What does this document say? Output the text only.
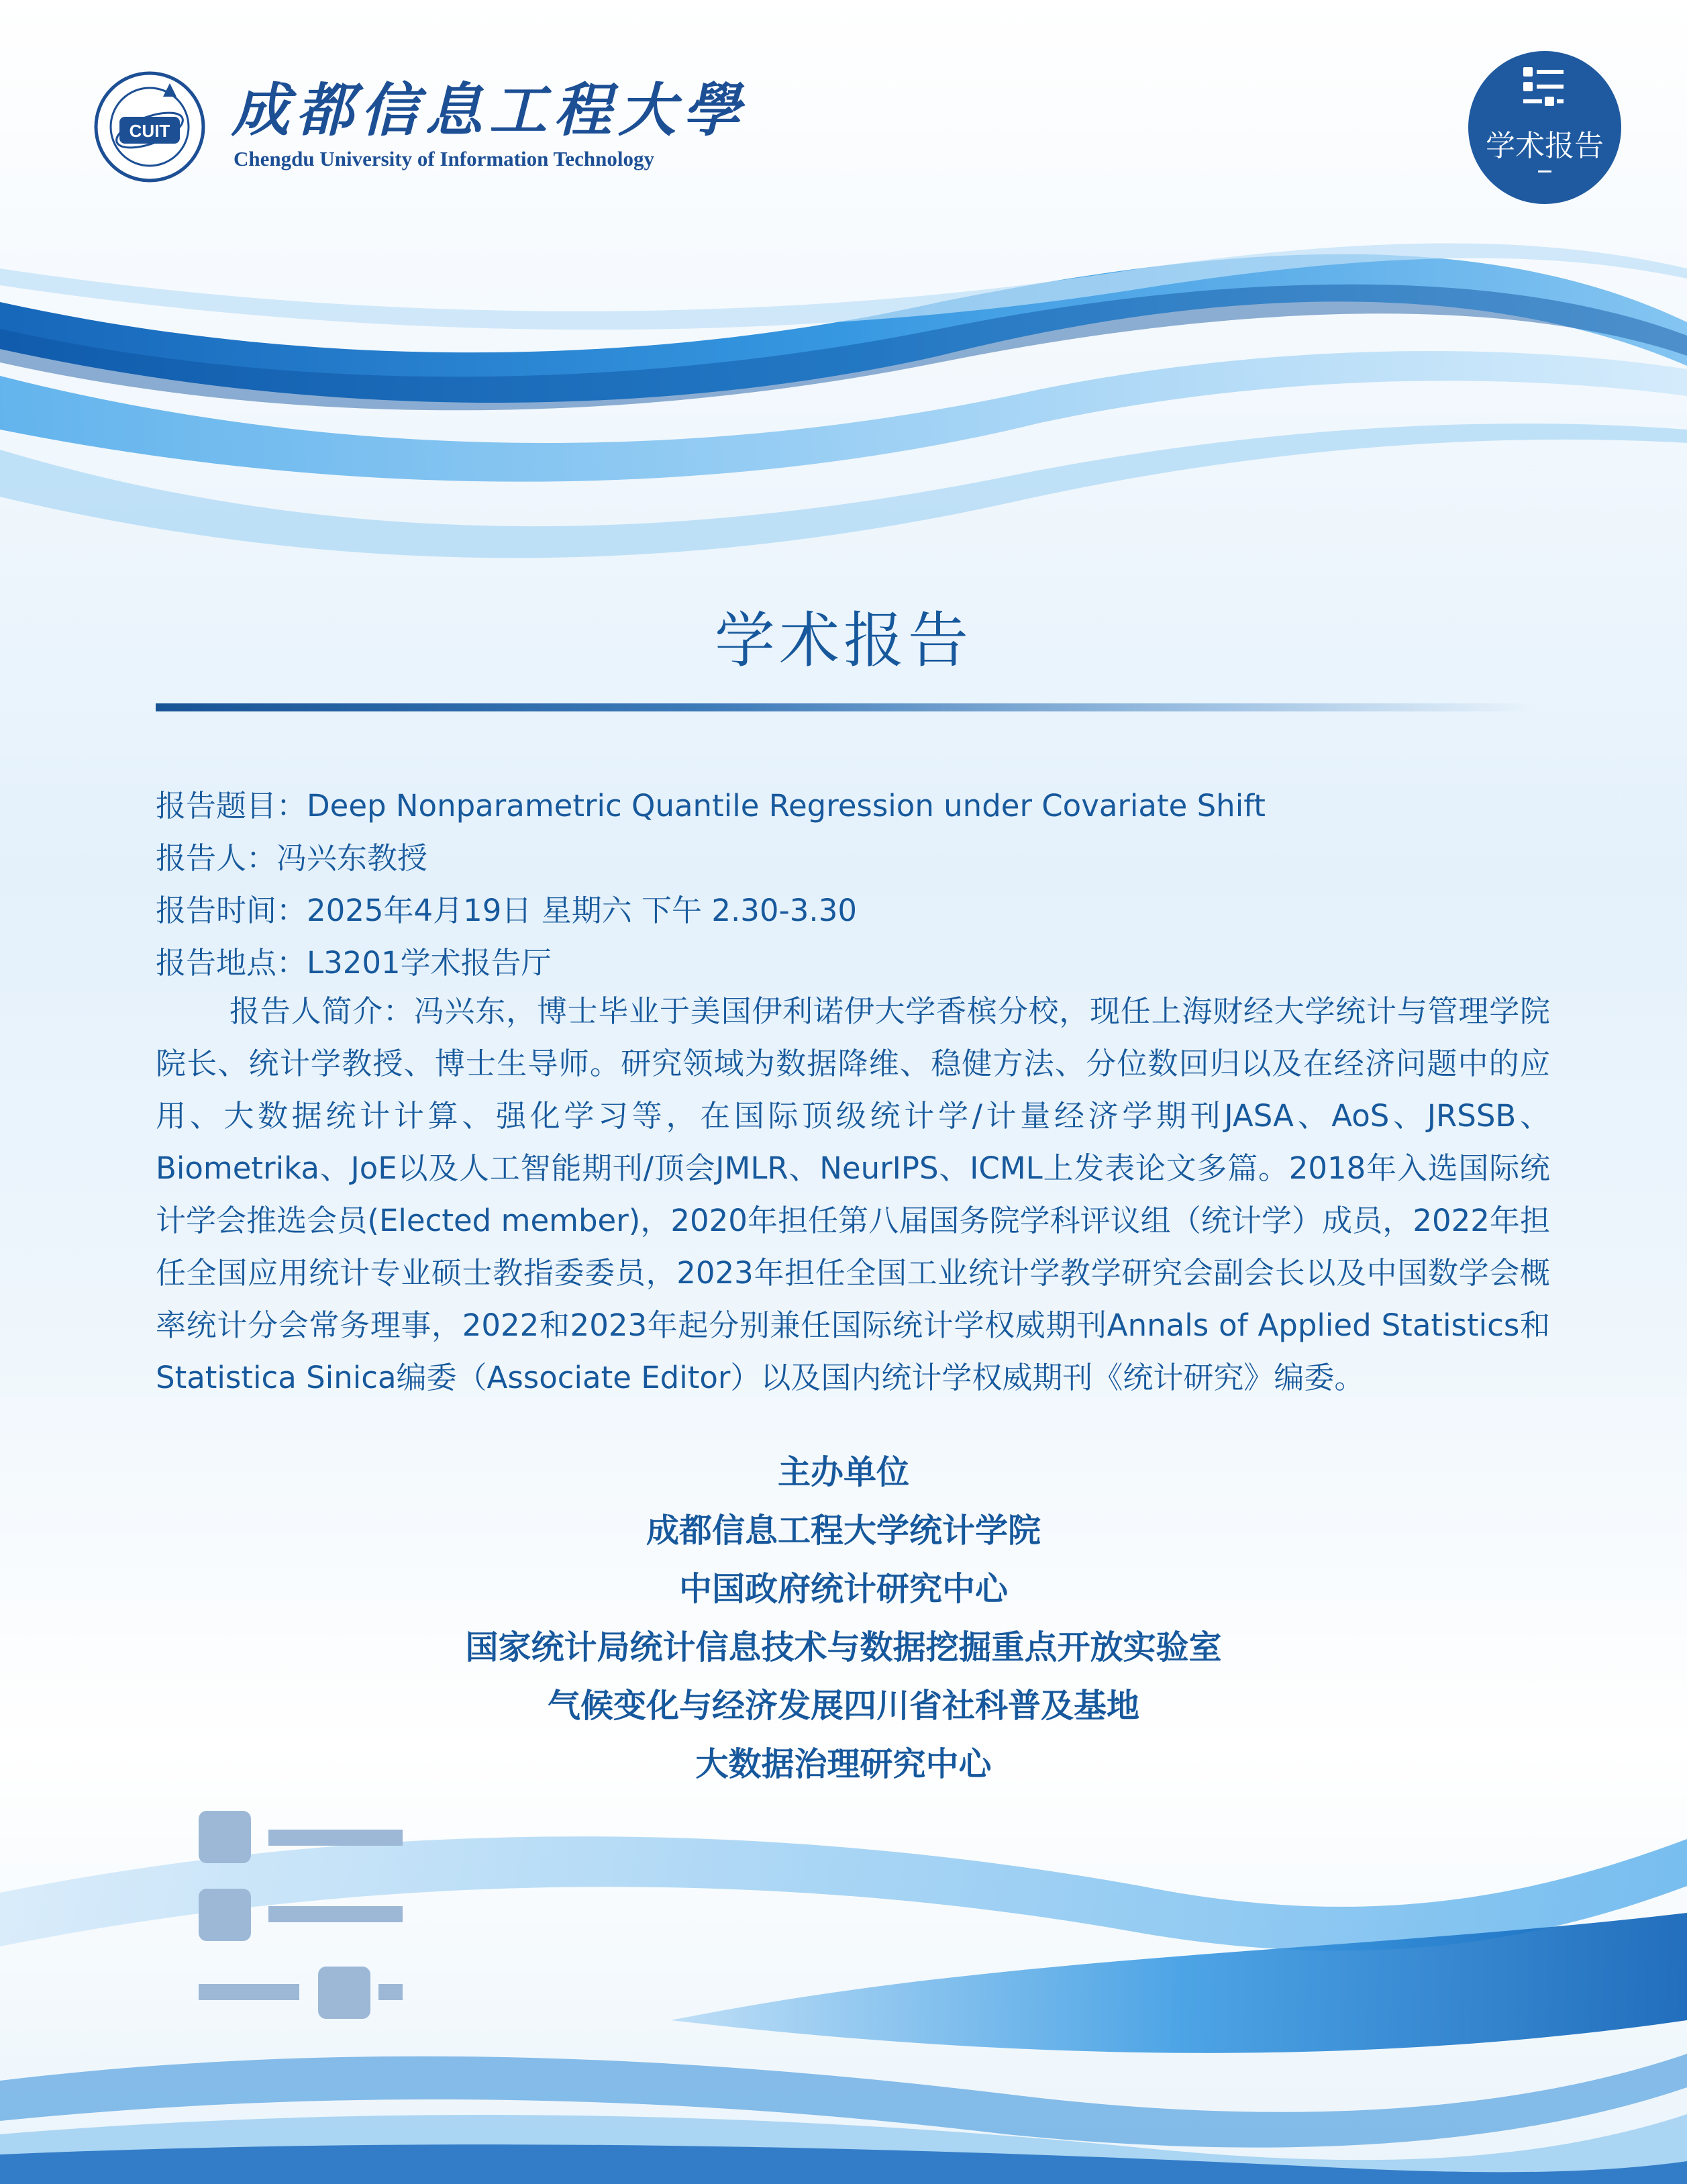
CUIT 成都信息工程大學
Chengdu University of Information Technology	学术报告
学术报告
报告题目：Deep Nonparametric Quantile Regression under Covariate Shift
报告人：冯兴东教授
报告时间：2025年4月19日 星期六 下午 2.30-3.30
报告地点：L3201学术报告厅

报告人简介：冯兴东，博士毕业于美国伊利诺伊大学香槟分校，现任上海财经大学统计与管理学院院长、统计学教授、博士生导师。研究领域为数据降维、稳健方法、分位数回归以及在经济问题中的应用、大数据统计计算、强化学习等，在国际顶级统计学/计量经济学期刊JASA、AoS、JRSSB、Biometrika、JoE以及人工智能期刊/顶会JMLR、NeurIPS、ICML上发表论文多篇。2018年入选国际统计学会推选会员(Elected member)，2020年担任第八届国务院学科评议组（统计学）成员，2022年担任全国应用统计专业硕士教指委委员，2023年担任全国工业统计学教学研究会副会长以及中国数学会概率统计分会常务理事，2022和2023年起分别兼任国际统计学权威期刊Annals of Applied Statistics和Statistica Sinica编委（Associate Editor）以及国内统计学权威期刊《统计研究》编委。

主办单位
成都信息工程大学统计学院
中国政府统计研究中心
国家统计局统计信息技术与数据挖掘重点开放实验室
气候变化与经济发展四川省社科普及基地
大数据治理研究中心
